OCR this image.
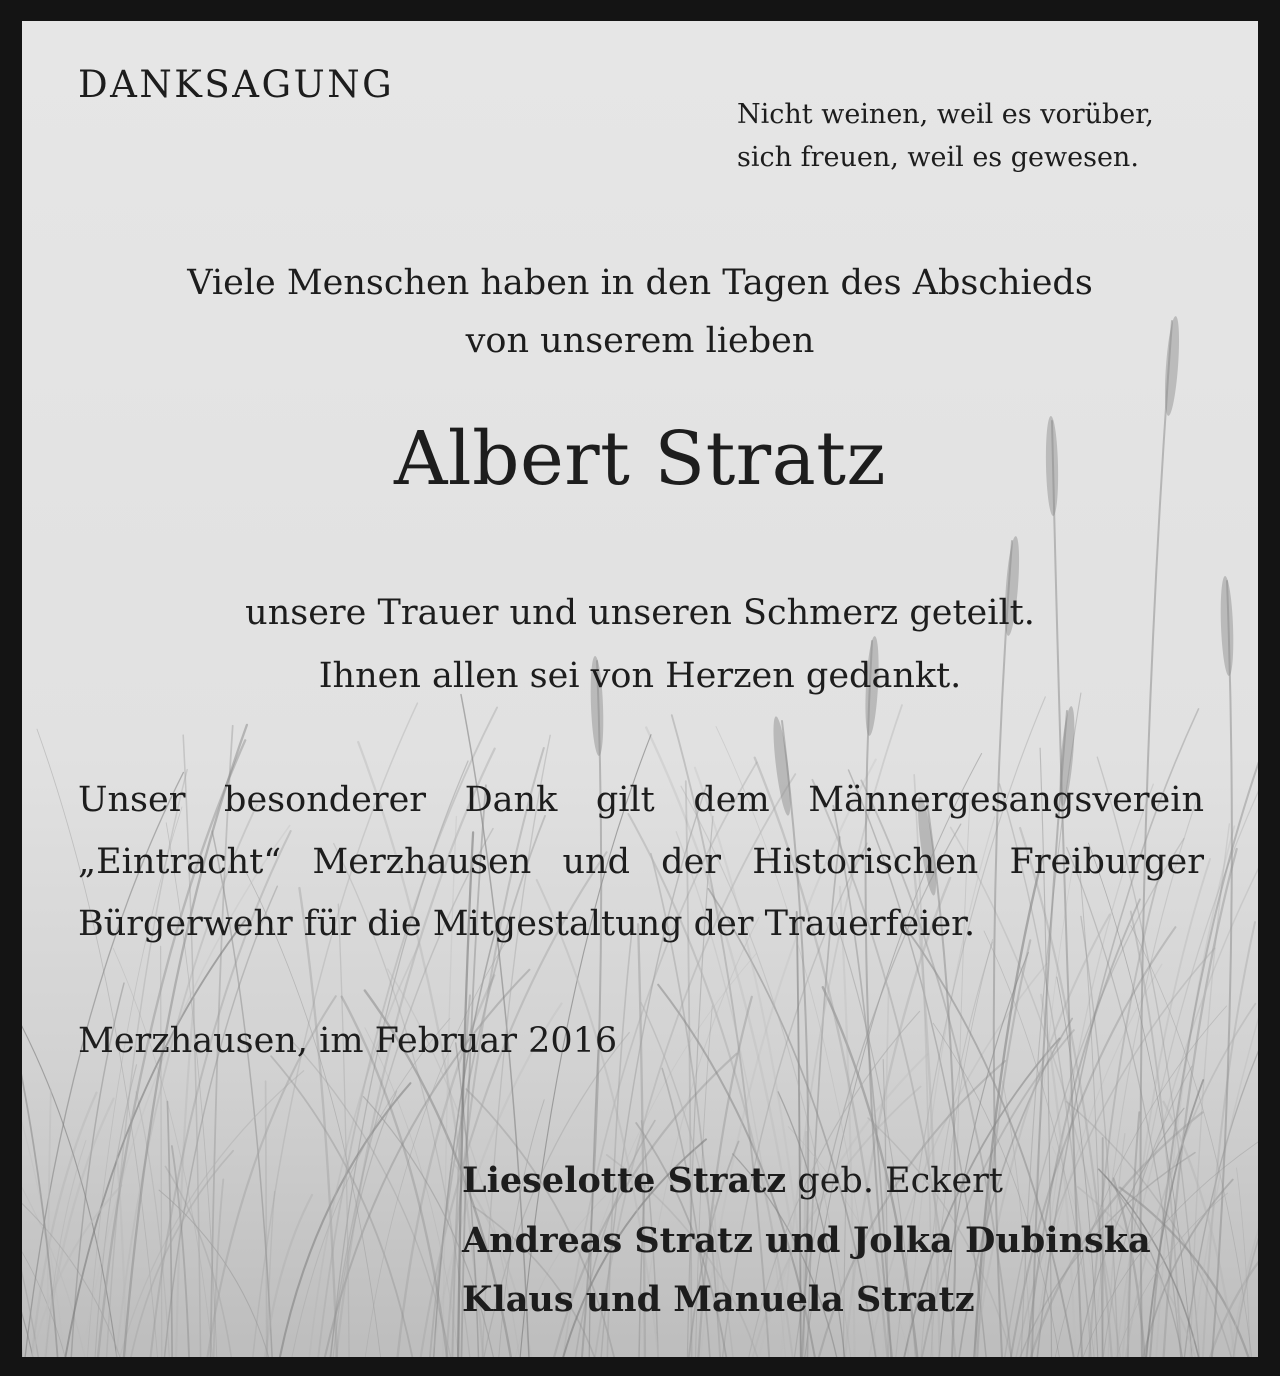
DANKSAGUNG
Nicht weinen, weil es vorüber,
sich freuen, weil es gewesen.
Viele Menschen haben in den Tagen des Abschieds
von unserem lieben
Albert Stratz
unsere Trauer und unseren Schmerz geteilt.
Ihnen allen sei von Herzen gedankt.
Unser besonderer Dank gilt dem Männergesangsverein
„Eintracht“ Merzhausen und der Historischen Freiburger
Bürgerwehr für die Mitgestaltung der Trauerfeier.
Merzhausen, im Februar 2016
Lieselotte Stratz geb. Eckert
Andreas Stratz und Jolka Dubinska
Klaus und Manuela Stratz
